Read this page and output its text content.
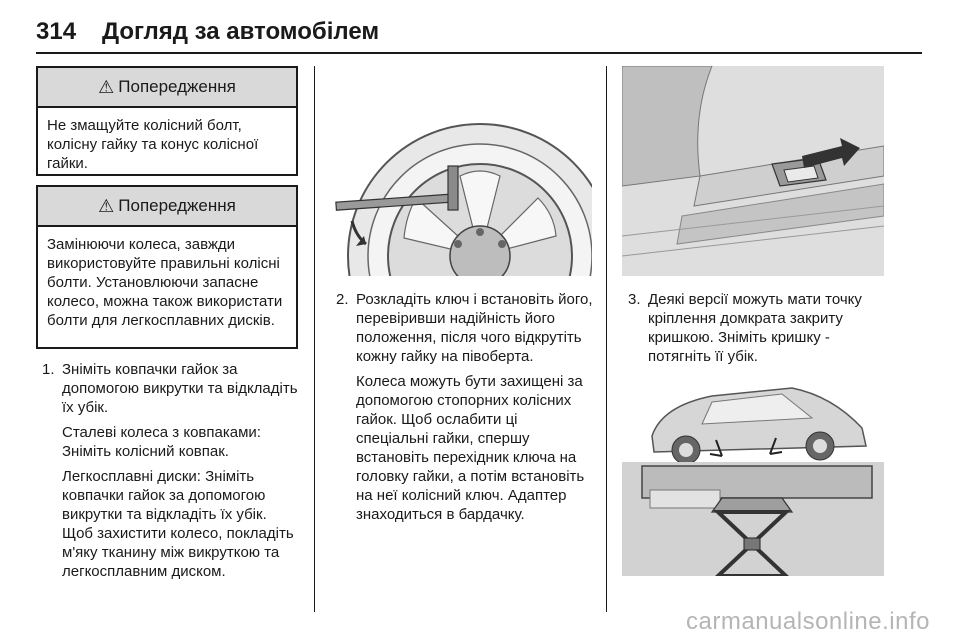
314 Догляд за автомобілем
⚠ Попередження
Не змащуйте колісний болт, колісну гайку та конус колісної гайки.
⚠ Попередження
Замінюючи колеса, завжди використовуйте правильні колісні болти. Установлюючи запасне колесо, можна також використати болти для легкосплавних дисків.
1. Зніміть ковпачки гайок за допомогою викрутки та відкладіть їх убік.
Сталеві колеса з ковпаками: Зніміть колісний ковпак.
Легкосплавні диски: Зніміть ковпачки гайок за допомогою викрутки та відкладіть їх убік. Щоб захистити колесо, покладіть м'яку тканину між викруткою та легкосплавним диском.
2. Розкладіть ключ і встановіть його, перевіривши надійність його положення, після чого відкрутіть кожну гайку на півоберта.
Колеса можуть бути захищені за допомогою стопорних колісних гайок. Щоб ослабити ці спеціальні гайки, спершу встановіть перехідник ключа на головку гайки, а потім встановіть на неї колісний ключ. Адаптер знаходиться в бардачку.
3. Деякі версії можуть мати точку кріплення домкрата закриту кришкою. Зніміть кришку - потягніть її убік.
carmanualsonline.info
